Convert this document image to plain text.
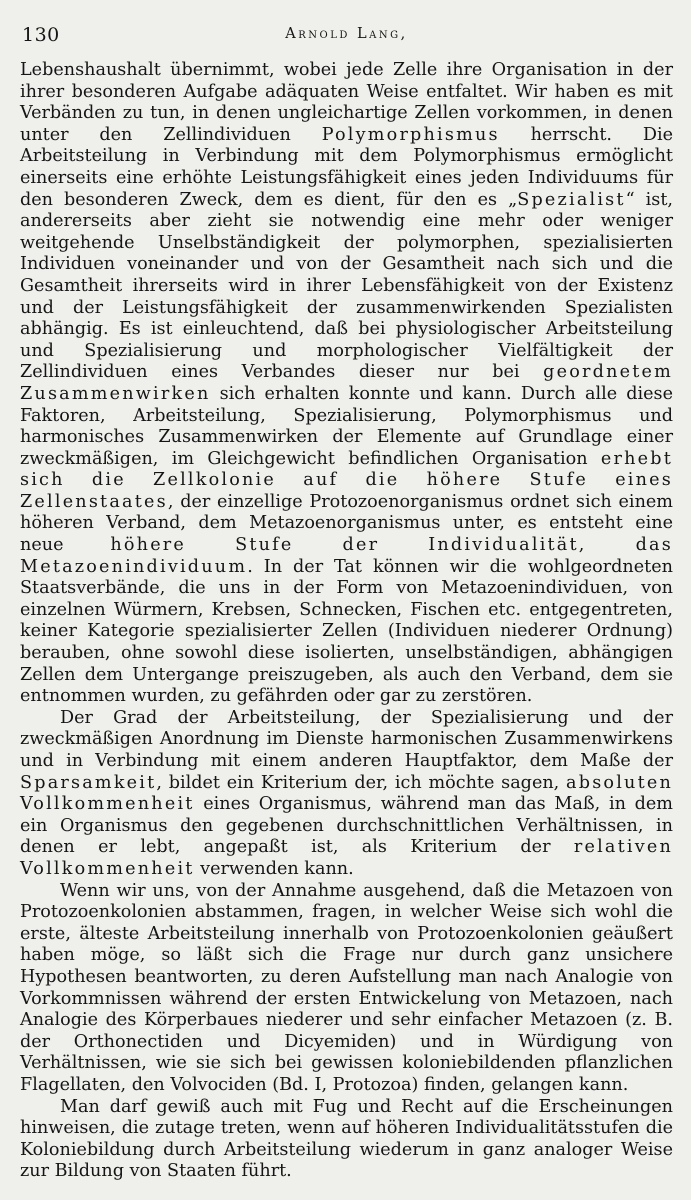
130	Arnold Lang,

Lebenshaushalt übernimmt, wobei jede Zelle ihre Organisation in der ihrer besonderen Aufgabe adäquaten Weise entfaltet. Wir haben es mit Verbänden zu tun, in denen ungleichartige Zellen vorkommen, in denen unter den Zellindividuen Polymorphismus herrscht. Die Arbeitsteilung in Verbindung mit dem Polymorphismus ermöglicht einerseits eine erhöhte Leistungsfähigkeit eines jeden Individuums für den besonderen Zweck, dem es dient, für den es „Spezialist“ ist, andererseits aber zieht sie notwendig eine mehr oder weniger weitgehende Unselbständigkeit der polymorphen, spezialisierten Individuen voneinander und von der Gesamtheit nach sich und die Gesamtheit ihrerseits wird in ihrer Lebensfähigkeit von der Existenz und der Leistungsfähigkeit der zusammenwirkenden Spezialisten abhängig. Es ist einleuchtend, daß bei physiologischer Arbeitsteilung und Spezialisierung und morphologischer Vielfältigkeit der Zellindividuen eines Verbandes dieser nur bei geordnetem Zusammenwirken sich erhalten konnte und kann. Durch alle diese Faktoren, Arbeitsteilung, Spezialisierung, Polymorphismus und harmonisches Zusammenwirken der Elemente auf Grundlage einer zweckmäßigen, im Gleichgewicht befindlichen Organisation erhebt sich die Zellkolonie auf die höhere Stufe eines Zellenstaates, der einzellige Protozoenorganismus ordnet sich einem höheren Verband, dem Metazoenorganismus unter, es entsteht eine neue höhere Stufe der Individualität, das Metazoenindividuum. In der Tat können wir die wohlgeordneten Staatsverbände, die uns in der Form von Metazoenindividuen, von einzelnen Würmern, Krebsen, Schnecken, Fischen etc. entgegentreten, keiner Kategorie spezialisierter Zellen (Individuen niederer Ordnung) berauben, ohne sowohl diese isolierten, unselbständigen, abhängigen Zellen dem Untergange preiszugeben, als auch den Verband, dem sie entnommen wurden, zu gefährden oder gar zu zerstören.

Der Grad der Arbeitsteilung, der Spezialisierung und der zweckmäßigen Anordnung im Dienste harmonischen Zusammenwirkens und in Verbindung mit einem anderen Hauptfaktor, dem Maße der Sparsamkeit, bildet ein Kriterium der, ich möchte sagen, absoluten Vollkommenheit eines Organismus, während man das Maß, in dem ein Organismus den gegebenen durchschnittlichen Verhältnissen, in denen er lebt, angepaßt ist, als Kriterium der relativen Vollkommenheit verwenden kann.

Wenn wir uns, von der Annahme ausgehend, daß die Metazoen von Protozoenkolonien abstammen, fragen, in welcher Weise sich wohl die erste, älteste Arbeitsteilung innerhalb von Protozoenkolonien geäußert haben möge, so läßt sich die Frage nur durch ganz unsichere Hypothesen beantworten, zu deren Aufstellung man nach Analogie von Vorkommnissen während der ersten Entwickelung von Metazoen, nach Analogie des Körperbaues niederer und sehr einfacher Metazoen (z. B. der Orthonectiden und Dicyemiden) und in Würdigung von Verhältnissen, wie sie sich bei gewissen koloniebildenden pflanzlichen Flagellaten, den Volvociden (Bd. I, Protozoa) finden, gelangen kann.

Man darf gewiß auch mit Fug und Recht auf die Erscheinungen hinweisen, die zutage treten, wenn auf höheren Individualitätsstufen die Koloniebildung durch Arbeitsteilung wiederum in ganz analoger Weise zur Bildung von Staaten führt.
